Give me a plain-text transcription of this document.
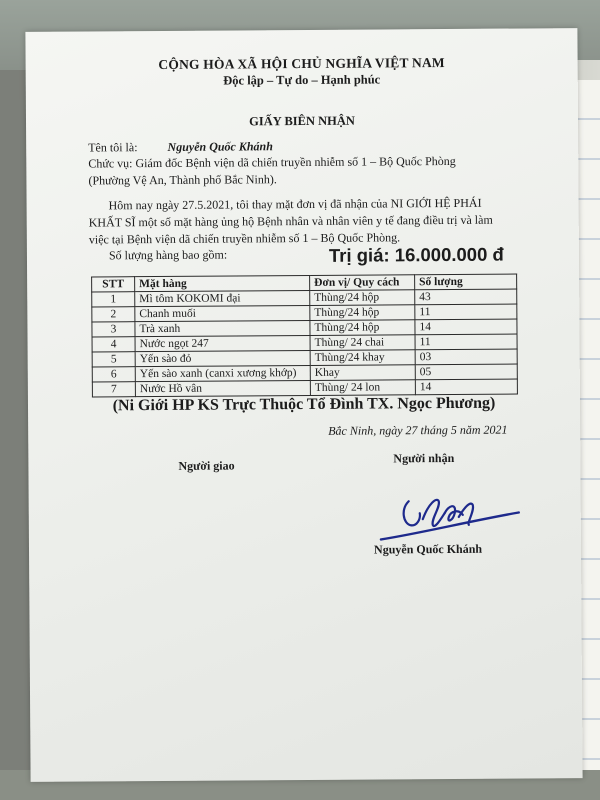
CỘNG HÒA XÃ HỘI CHỦ NGHĨA VIỆT NAM
Độc lập – Tự do – Hạnh phúc
GIẤY BIÊN NHẬN
Tên tôi là: Nguyễn Quốc Khánh
Chức vụ: Giám đốc Bệnh viện dã chiến truyền nhiễm số 1 – Bộ Quốc Phòng
(Phường Vệ An, Thành phố Bắc Ninh).
Hôm nay ngày 27.5.2021, tôi thay mặt đơn vị đã nhận của NI GIỚI HỆ PHÁI
KHẤT SĨ một số mặt hàng ủng hộ Bệnh nhân và nhân viên y tế đang điều trị và làm
việc tại Bệnh viện dã chiến truyền nhiễm số 1 – Bộ Quốc Phòng.
Số lượng hàng bao gồm:	Trị giá: 16.000.000 đ
STT	Mặt hàng	Đơn vị/ Quy cách	Số lượng
1	Mì tôm KOKOMI đại	Thùng/24 hộp	43
2	Chanh muối	Thùng/24 hộp	11
3	Trà xanh	Thùng/24 hộp	14
4	Nước ngọt 247	Thùng/ 24 chai	11
5	Yến sào đỏ	Thùng/24 khay	03
6	Yến sào xanh (canxi xương khớp)	Khay	05
7	Nước Hồ vân	Thùng/ 24 lon	14
(Ni Giới HP KS Trực Thuộc Tổ Đình TX. Ngọc Phương)
Bắc Ninh, ngày 27 tháng 5 năm 2021
Người giao
Người nhận
Nguyễn Quốc Khánh
